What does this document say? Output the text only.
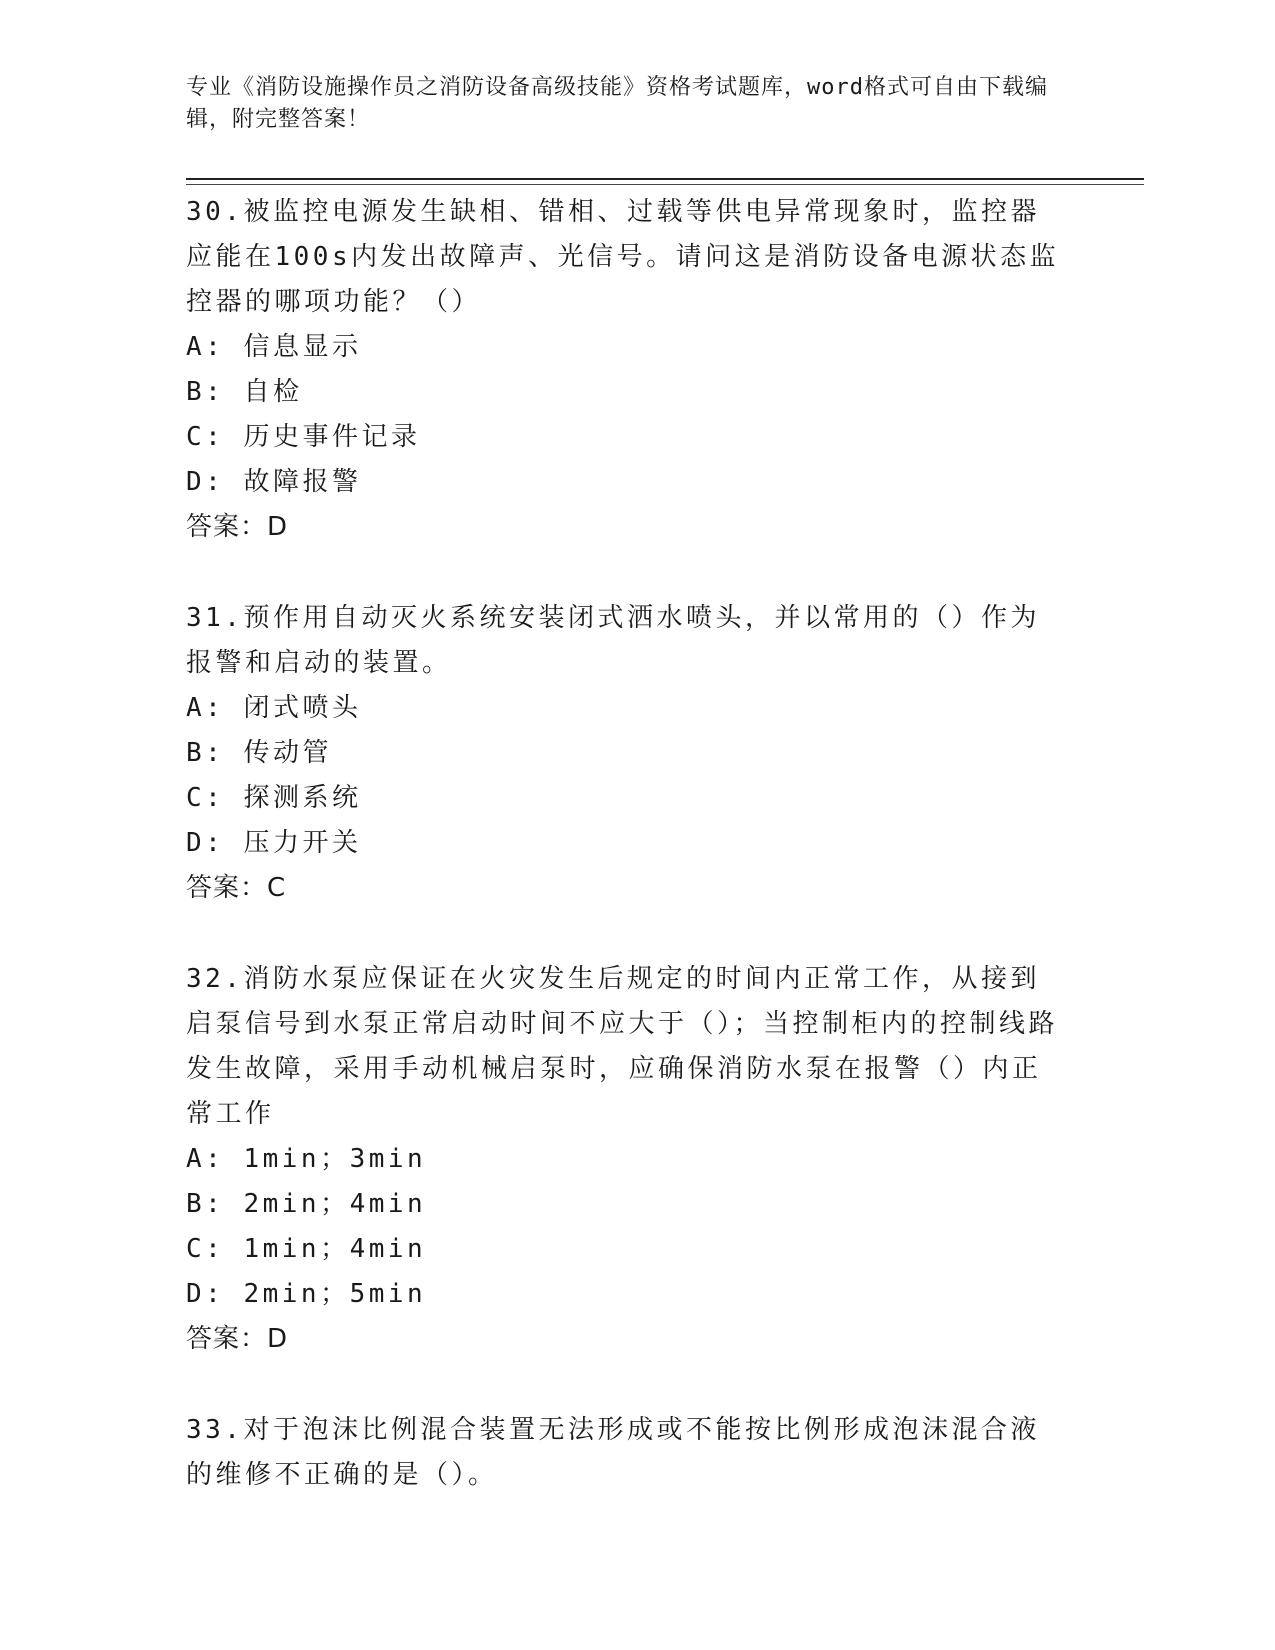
专业《消防设施操作员之消防设备高级技能》资格考试题库，word格式可自由下载编辑，附完整答案！

30.被监控电源发生缺相、错相、过载等供电异常现象时，监控器应能在100s内发出故障声、光信号。请问这是消防设备电源状态监控器的哪项功能？（）

A: 信息显示

B: 自检

C: 历史事件记录

D: 故障报警

答案：D

31.预作用自动灭火系统安装闭式洒水喷头，并以常用的（）作为报警和启动的装置。

A: 闭式喷头

B: 传动管

C: 探测系统

D: 压力开关

答案：C

32.消防水泵应保证在火灾发生后规定的时间内正常工作，从接到启泵信号到水泵正常启动时间不应大于（）；当控制柜内的控制线路发生故障，采用手动机械启泵时，应确保消防水泵在报警（）内正常工作

A: 1min；3min

B: 2min；4min

C: 1min；4min

D: 2min；5min

答案：D

33.对于泡沫比例混合装置无法形成或不能按比例形成泡沫混合液的维修不正确的是（）。
